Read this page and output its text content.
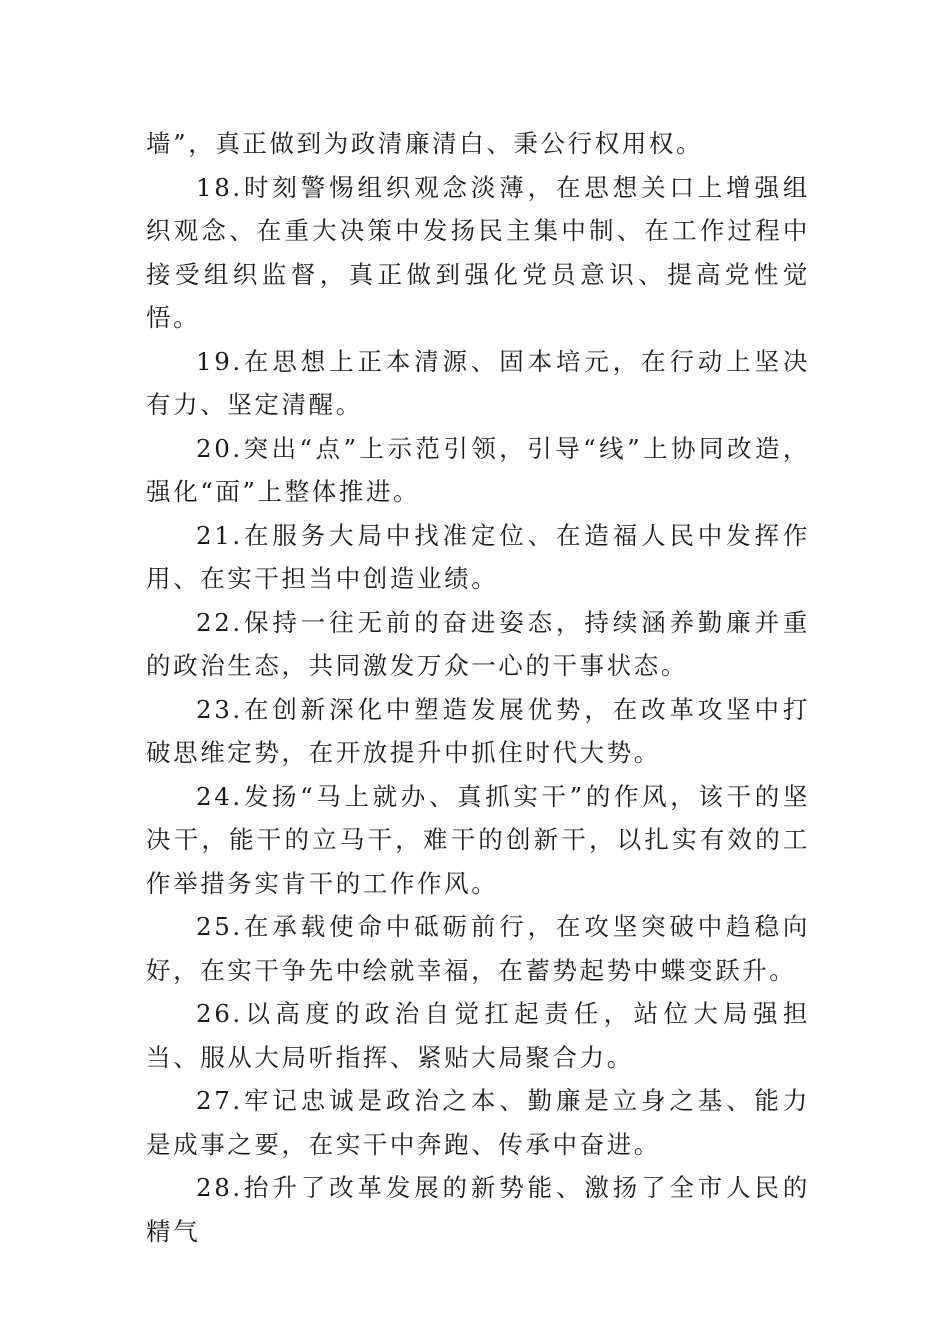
墙”，真正做到为政清廉清白、秉公行权用权。

18.时刻警惕组织观念淡薄，在思想关口上增强组织观念、在重大决策中发扬民主集中制、在工作过程中接受组织监督，真正做到强化党员意识、提高党性觉悟。

19.在思想上正本清源、固本培元，在行动上坚决有力、坚定清醒。

20.突出“点”上示范引领，引导“线”上协同改造，强化“面”上整体推进。

21.在服务大局中找准定位、在造福人民中发挥作用、在实干担当中创造业绩。

22.保持一往无前的奋进姿态，持续涵养勤廉并重的政治生态，共同激发万众一心的干事状态。

23.在创新深化中塑造发展优势，在改革攻坚中打破思维定势，在开放提升中抓住时代大势。

24.发扬“马上就办、真抓实干”的作风，该干的坚决干，能干的立马干，难干的创新干，以扎实有效的工作举措务实肯干的工作作风。

25.在承载使命中砥砺前行，在攻坚突破中趋稳向好，在实干争先中绘就幸福，在蓄势起势中蝶变跃升。

26.以高度的政治自觉扛起责任，站位大局强担当、服从大局听指挥、紧贴大局聚合力。

27.牢记忠诚是政治之本、勤廉是立身之基、能力是成事之要，在实干中奔跑、传承中奋进。

28.抬升了改革发展的新势能、激扬了全市人民的精气
